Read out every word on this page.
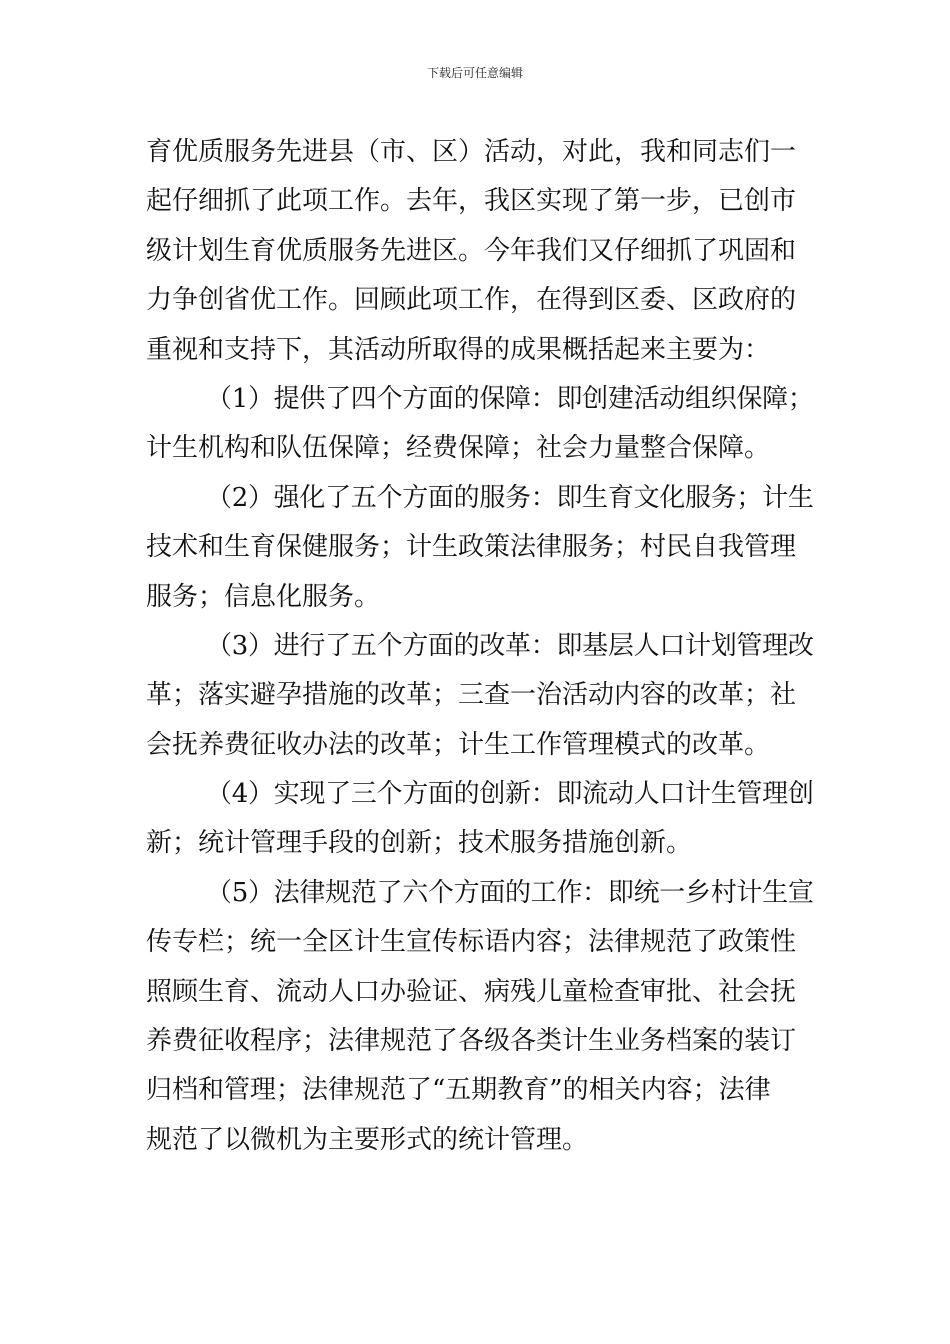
下载后可任意编辑
育优质服务先进县（市、区）活动，对此，我和同志们一
起仔细抓了此项工作。去年，我区实现了第一步，已创市
级计划生育优质服务先进区。今年我们又仔细抓了巩固和
力争创省优工作。回顾此项工作，在得到区委、区政府的
重视和支持下，其活动所取得的成果概括起来主要为：
（1）提供了四个方面的保障：即创建活动组织保障；
计生机构和队伍保障；经费保障；社会力量整合保障。
（2）强化了五个方面的服务：即生育文化服务；计生
技术和生育保健服务；计生政策法律服务；村民自我管理
服务；信息化服务。
（3）进行了五个方面的改革：即基层人口计划管理改
革；落实避孕措施的改革；三查一治活动内容的改革；社
会抚养费征收办法的改革；计生工作管理模式的改革。
（4）实现了三个方面的创新：即流动人口计生管理创
新；统计管理手段的创新；技术服务措施创新。
（5）法律规范了六个方面的工作：即统一乡村计生宣
传专栏；统一全区计生宣传标语内容；法律规范了政策性
照顾生育、流动人口办验证、病残儿童检查审批、社会抚
养费征收程序；法律规范了各级各类计生业务档案的装订
归档和管理；法律规范了“五期教育”的相关内容；法律
规范了以微机为主要形式的统计管理。
